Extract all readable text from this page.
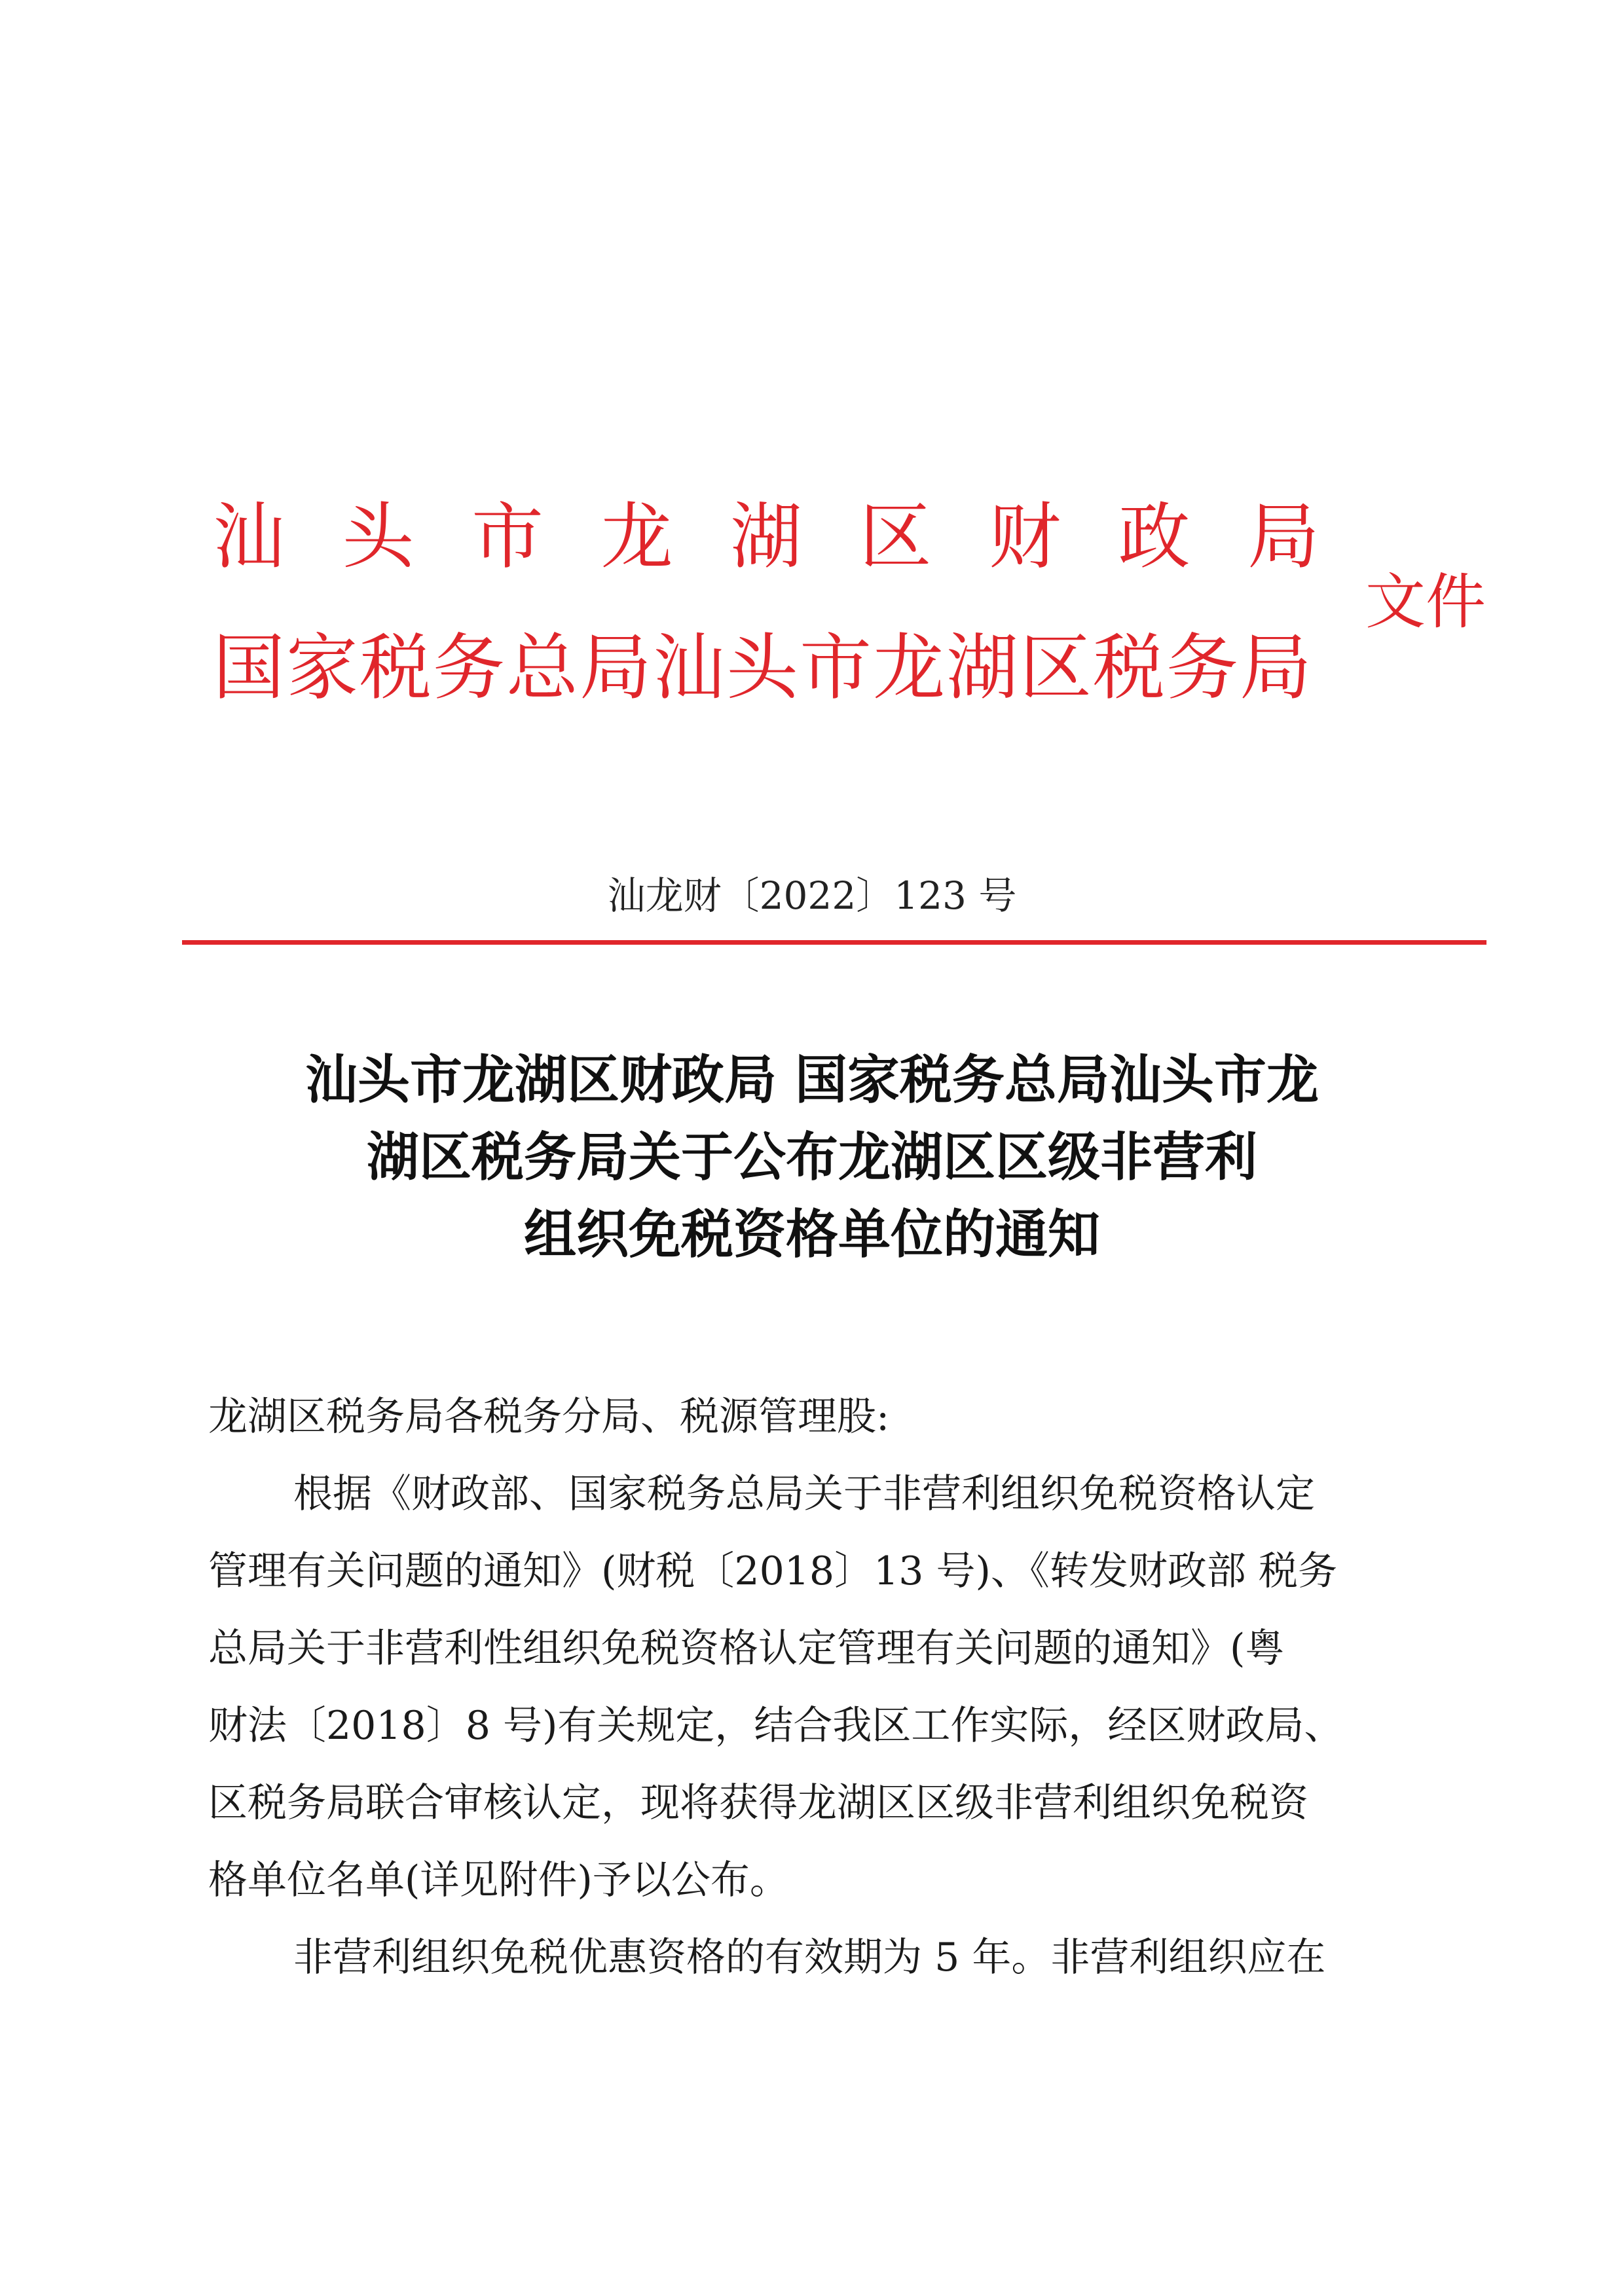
汕 头 市 龙 湖 区 财 政 局
国家税务总局汕头市龙湖区税务局
文件
汕龙财〔2022〕123 号
汕头市龙湖区财政局 国家税务总局汕头市龙
湖区税务局关于公布龙湖区区级非营利
组织免税资格单位的通知
龙湖区税务局各税务分局、税源管理股:
根据《财政部、国家税务总局关于非营利组织免税资格认定
管理有关问题的通知》(财税〔2018〕13 号)、《转发财政部 税务
总局关于非营利性组织免税资格认定管理有关问题的通知》(粤
财法〔2018〕8 号)有关规定，结合我区工作实际，经区财政局、
区税务局联合审核认定，现将获得龙湖区区级非营利组织免税资
格单位名单(详见附件)予以公布。
非营利组织免税优惠资格的有效期为 5 年。非营利组织应在
